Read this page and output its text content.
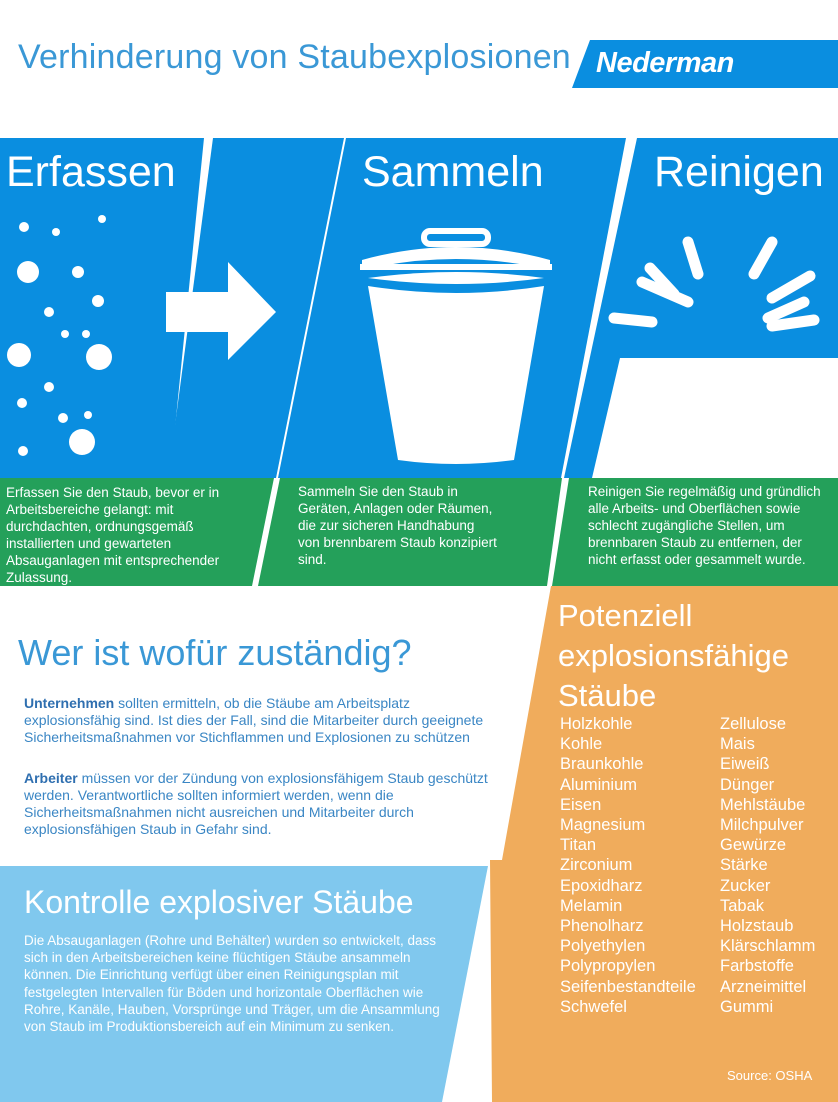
Verhinderung von Staubexplosionen Nederman
Erfassen	Sammeln	Reinigen
Erfassen Sie den Staub, bevor er in Arbeitsbereiche gelangt: mit durchdachten, ordnungsgemäß installierten und gewarteten Absauganlagen mit entsprechender Zulassung.
Sammeln Sie den Staub in Geräten, Anlagen oder Räumen, die zur sicheren Handhabung von brennbarem Staub konzipiert sind.
Reinigen Sie regelmäßig und gründlich alle Arbeits- und Oberflächen sowie schlecht zugängliche Stellen, um brennbaren Staub zu entfernen, der nicht erfasst oder gesammelt wurde.
Wer ist wofür zuständig?
Unternehmen sollten ermitteln, ob die Stäube am Arbeitsplatz explosionsfähig sind. Ist dies der Fall, sind die Mitarbeiter durch geeignete Sicherheitsmaßnahmen vor Stichflammen und Explosionen zu schützen
Arbeiter müssen vor der Zündung von explosionsfähigem Staub geschützt werden. Verantwortliche sollten informiert werden, wenn die Sicherheitsmaßnahmen nicht ausreichen und Mitarbeiter durch explosionsfähigen Staub in Gefahr sind.
Potenziell explosionsfähige Stäube
Holzkohle
Kohle
Braunkohle
Aluminium
Eisen
Magnesium
Titan
Zirconium
Epoxidharz
Melamin
Phenolharz
Polyethylen
Polypropylen
Seifenbestandteile
Schwefel
Zellulose
Mais
Eiweiß
Dünger
Mehlstäube
Milchpulver
Gewürze
Stärke
Zucker
Tabak
Holzstaub
Klärschlamm
Farbstoffe
Arzneimittel
Gummi
Source: OSHA
Kontrolle explosiver Stäube
Die Absauganlagen (Rohre und Behälter) wurden so entwickelt, dass sich in den Arbeitsbereichen keine flüchtigen Stäube ansammeln können. Die Einrichtung verfügt über einen Reinigungsplan mit festgelegten Intervallen für Böden und horizontale Oberflächen wie Rohre, Kanäle, Hauben, Vorsprünge und Träger, um die Ansammlung von Staub im Produktionsbereich auf ein Minimum zu senken.
